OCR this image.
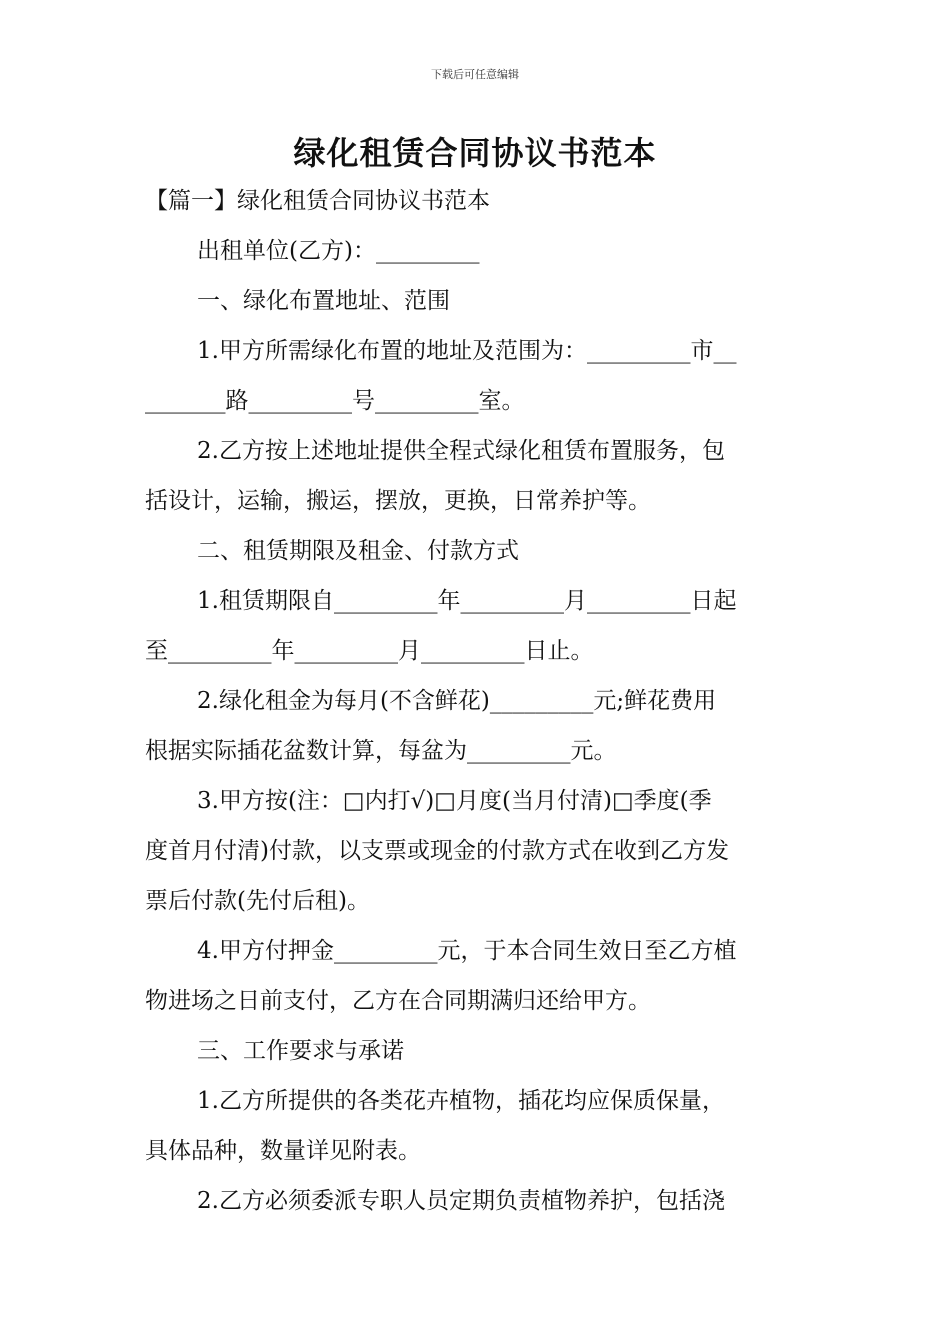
下载后可任意编辑
绿化租赁合同协议书范本

【篇一】绿化租赁合同协议书范本

出租单位(乙方)：_________

一、绿化布置地址、范围

1.甲方所需绿化布置的地址及范围为：_________市__

_______路_________号_________室。

2.乙方按上述地址提供全程式绿化租赁布置服务，包

括设计，运输，搬运，摆放，更换，日常养护等。

二、租赁期限及租金、付款方式

1.租赁期限自_________年_________月_________日起

至_________年_________月_________日止。

2.绿化租金为每月(不含鲜花)_________元;鲜花费用

根据实际插花盆数计算，每盆为_________元。

3.甲方按(注：□内打√)□月度(当月付清)□季度(季

度首月付清)付款，以支票或现金的付款方式在收到乙方发

票后付款(先付后租)。

4.甲方付押金_________元，于本合同生效日至乙方植

物进场之日前支付，乙方在合同期满归还给甲方。

三、工作要求与承诺

1.乙方所提供的各类花卉植物，插花均应保质保量，

具体品种，数量详见附表。

2.乙方必须委派专职人员定期负责植物养护，包括浇
